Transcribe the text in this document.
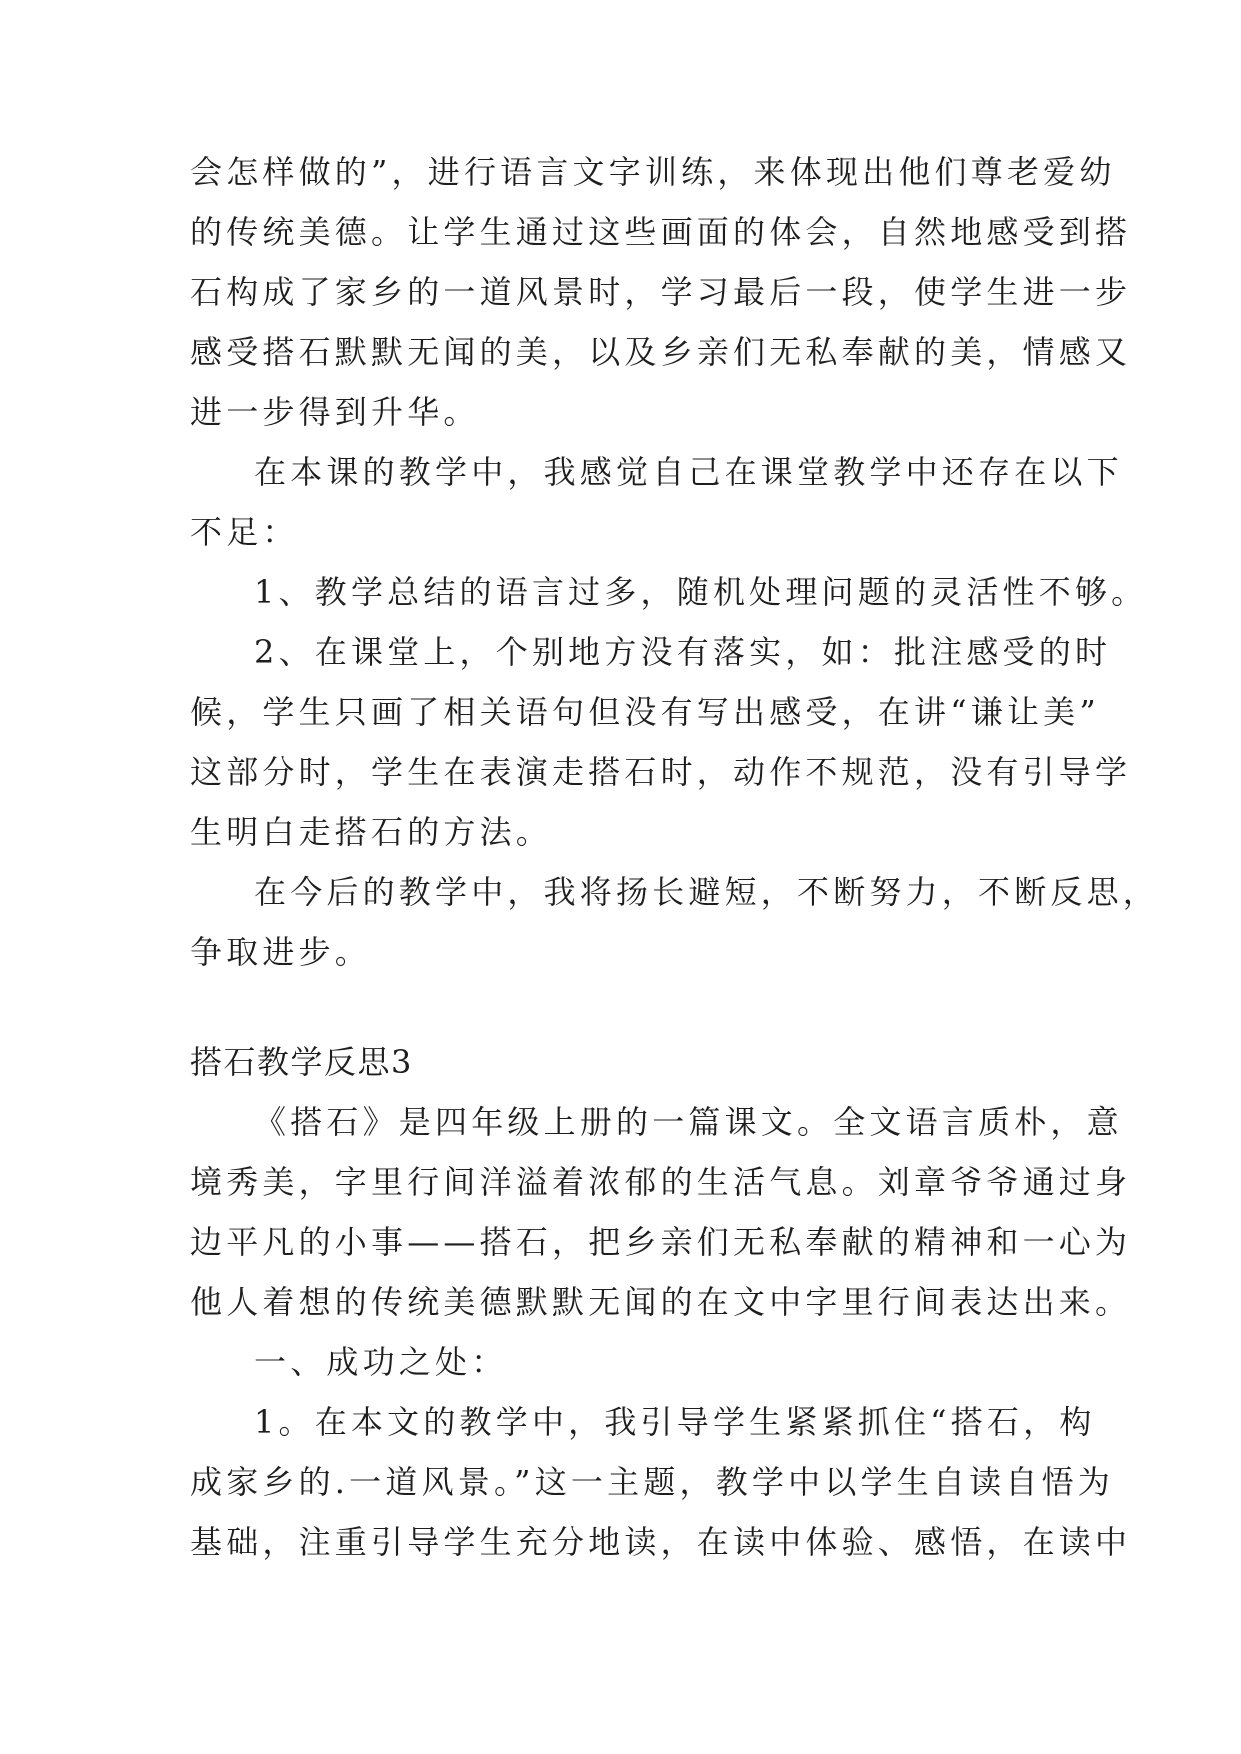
会怎样做的”，进行语言文字训练，来体现出他们尊老爱幼
的传统美德。让学生通过这些画面的体会，自然地感受到搭
石构成了家乡的一道风景时，学习最后一段，使学生进一步
感受搭石默默无闻的美，以及乡亲们无私奉献的美，情感又
进一步得到升华。
在本课的教学中，我感觉自己在课堂教学中还存在以下
不足：
1、教学总结的语言过多，随机处理问题的灵活性不够。
2、在课堂上，个别地方没有落实，如：批注感受的时
候，学生只画了相关语句但没有写出感受，在讲“谦让美”
这部分时，学生在表演走搭石时，动作不规范，没有引导学
生明白走搭石的方法。
在今后的教学中，我将扬长避短，不断努力，不断反思，
争取进步。
搭石教学反思3
《搭石》是四年级上册的一篇课文。全文语言质朴，意
境秀美，字里行间洋溢着浓郁的生活气息。刘章爷爷通过身
边平凡的小事——搭石，把乡亲们无私奉献的精神和一心为
他人着想的传统美德默默无闻的在文中字里行间表达出来。
一、成功之处：
1。在本文的教学中，我引导学生紧紧抓住“搭石，构
成家乡的.一道风景。”这一主题，教学中以学生自读自悟为
基础，注重引导学生充分地读，在读中体验、感悟，在读中
